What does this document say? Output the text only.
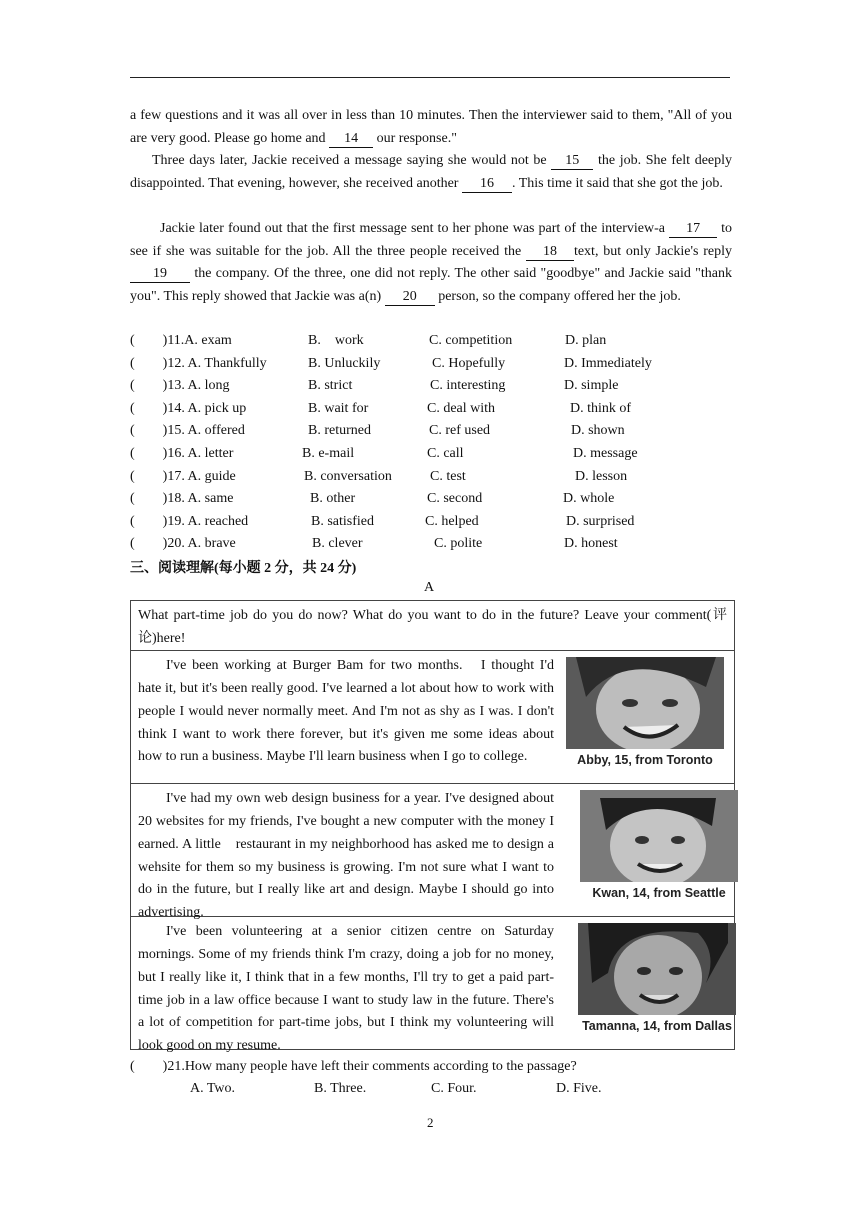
a few questions and it was all over in less than 10 minutes. Then the interviewer said to them, "All of you are very good. Please go home and 14 our response."
Three days later, Jackie received a message saying she would not be 15 the job. She felt deeply disappointed. That evening, however, she received another 16 . This time it said that she got the job.
Jackie later found out that the first message sent to her phone was part of the interview-a 17 to see if she was suitable for the job. All the three people received the 18 text, but only Jackie's reply 19 the company. Of the three, one did not reply. The other said "goodbye" and Jackie said "thank you". This reply showed that Jackie was a(n) 20 person, so the company offered her the job.
(　　)11.A. exam	B.　work	C. competition	D. plan
(　　)12. A. Thankfully	B. Unluckily	C. Hopefully	D. Immediately
(　　)13. A. long	B. strict	C. interesting	D. simple
(　　)14. A. pick up	B. wait for	C. deal with	D. think of
(　　)15. A. offered	B. returned	C. ref used	D. shown
(　　)16. A. letter	B. e-mail	C. call	D. message
(　　)17. A. guide	B. conversation	C. test	D. lesson
(　　)18. A. same	B. other	C. second	D. whole
(　　)19. A. reached	B. satisfied	C. helped	D. surprised
(　　)20. A. brave	B. clever	C. polite	D. honest
三、阅读理解(每小题 2 分，共 24 分)
A
What part-time job do you do now? What do you want to do in the future? Leave your comment(评论)here!

I've been working at Burger Bam for two months.　I thought I'd hate it, but it's been really good. I've learned a lot about how to work with people I would never normally meet. And I'm not as shy as I was. I don't think I want to work there forever, but it's given me some ideas about how to run a business. Maybe I'll learn business when I go to college.	Abby, 15, from Toronto

I've had my own web design business for a year. I've designed about 20 websites for my friends, I've bought a new computer with the money I earned. A little　restaurant in my neighborhood has asked me to design a wehsite for them so my business is growing. I'm not sure what I want to do in the future, but I really like art and design. Maybe I should go into advertising.
Kwan, 14, from Seattle

I've been volunteering at a senior citizen centre on Saturday mornings. Some of my friends think I'm crazy, doing a job for no money, but I really like it, I think that in a few months, I'll try to get a paid part-time job in a law office because I want to study law in the future. There's a lot of competition for part-time jobs, but I think my volunteering will look good on my resume.
Tamanna, 14, from Dallas
(　　)21.How many people have left their comments according to the passage?
A. Two.	B. Three.	C. Four.	D. Five.
2
